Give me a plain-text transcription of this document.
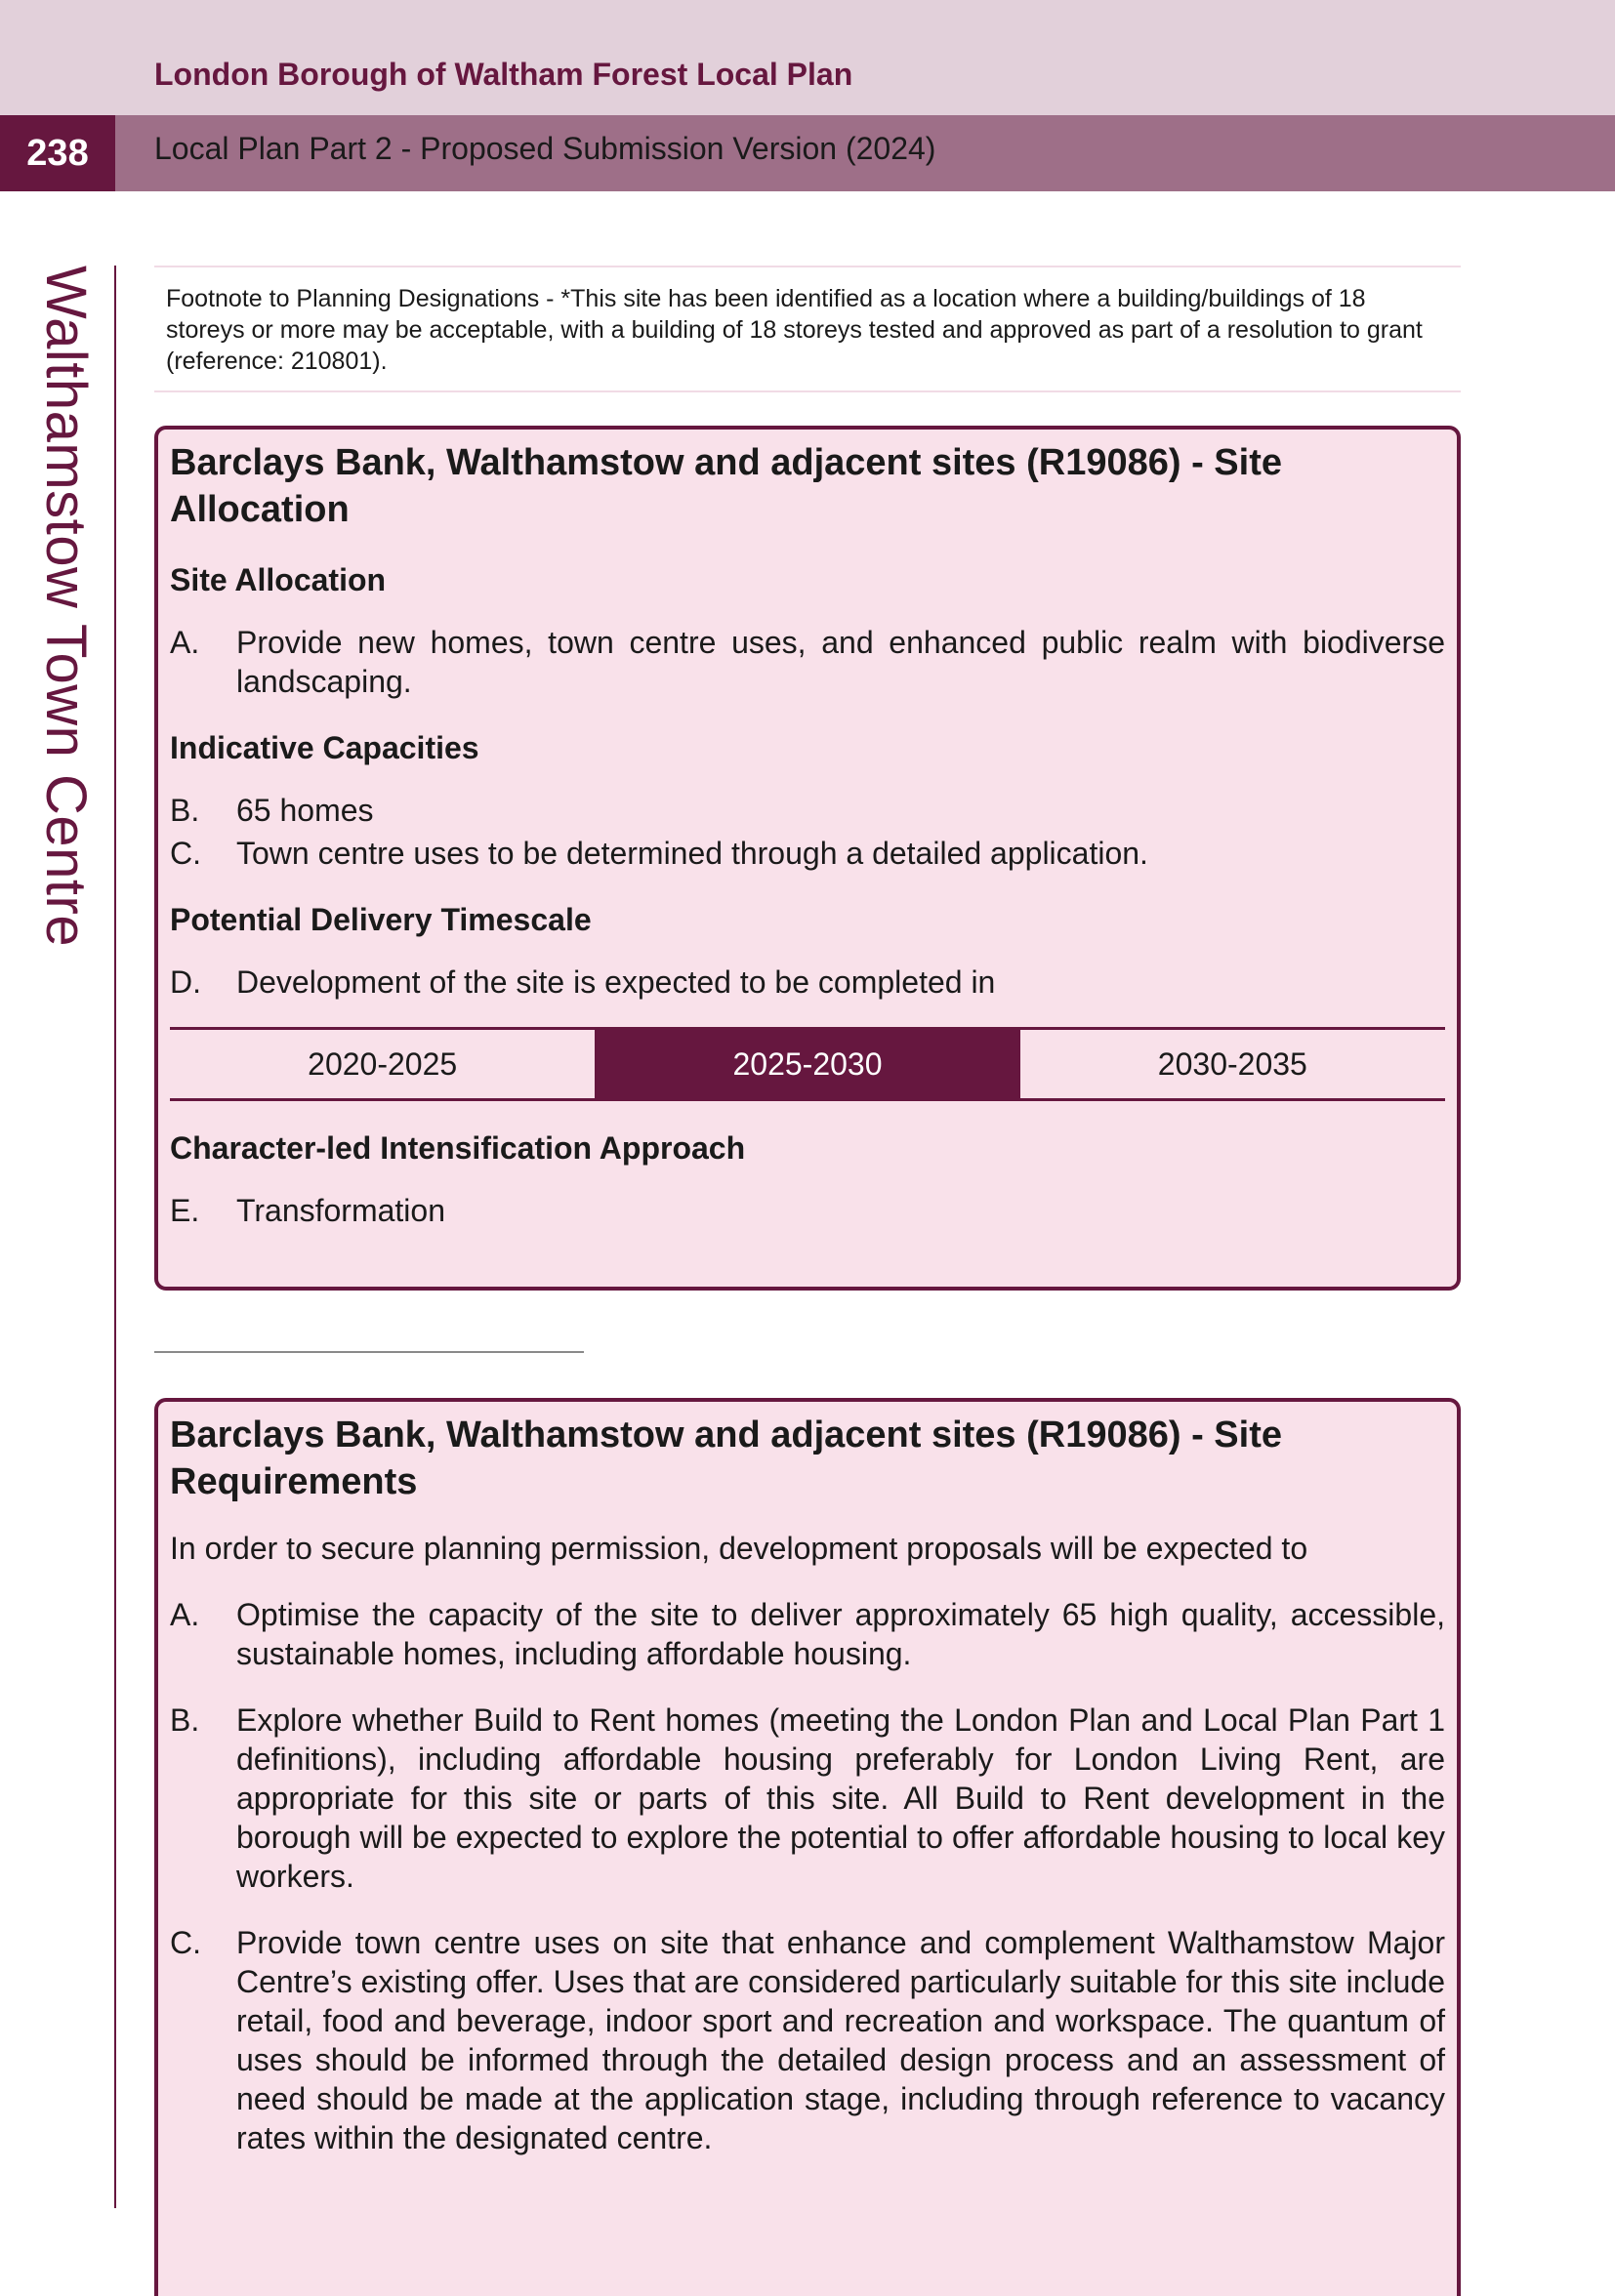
London Borough of Waltham Forest Local Plan
Local Plan Part 2 - Proposed Submission Version (2024)
238
Walthamstow Town Centre	Footnote to Planning Designations - *This site has been identified as a location where a building/buildings of 18 storeys or more may be acceptable, with a building of 18 storeys tested and approved as part of a resolution to grant (reference: 210801).
Barclays Bank, Walthamstow and adjacent sites (R19086) - Site Allocation
Site Allocation
A.	Provide new homes, town centre uses, and enhanced public realm with biodiverse landscaping.
Indicative Capacities
B.	65 homes
C.	Town centre uses to be determined through a detailed application.
Potential Delivery Timescale
D.	Development of the site is expected to be completed in
2020-2025	2025-2030	2030-2035
Character-led Intensification Approach
E.	Transformation
Barclays Bank, Walthamstow and adjacent sites (R19086) - Site Requirements
In order to secure planning permission, development proposals will be expected to
A.	Optimise the capacity of the site to deliver approximately 65 high quality, accessible, sustainable homes, including affordable housing.
B.	Explore whether Build to Rent homes (meeting the London Plan and Local Plan Part 1 definitions), including affordable housing preferably for London Living Rent, are appropriate for this site or parts of this site. All Build to Rent development in the borough will be expected to explore the potential to offer affordable housing to local key workers.
C.	Provide town centre uses on site that enhance and complement Walthamstow Major Centre’s existing offer. Uses that are considered particularly suitable for this site include retail, food and beverage, indoor sport and recreation and workspace. The quantum of uses should be informed through the detailed design process and an assessment of need should be made at the application stage, including through reference to vacancy rates within the designated centre.
